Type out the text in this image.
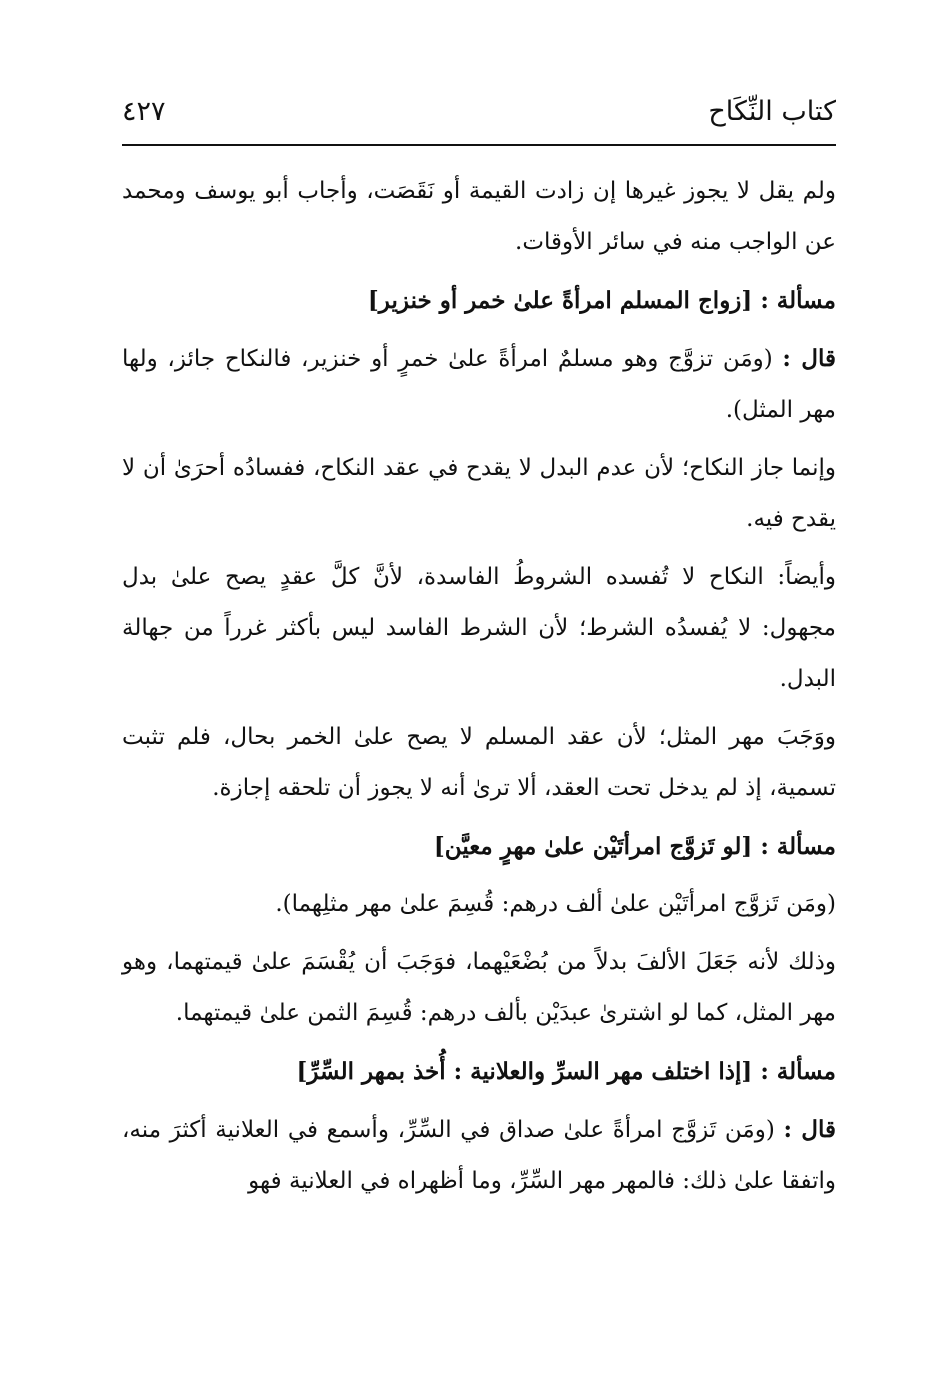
كتاب النِّكَاح
٤٢٧

ولم يقل لا يجوز غيرها إن زادت القيمة أو نَقَصَت، وأجاب أبو يوسف ومحمد عن الواجب منه في سائر الأوقات.

مسألة : [زواج المسلم امرأةً علىٰ خمر أو خنزير]

قال : (ومَن تزوَّج وهو مسلمٌ امرأةً علىٰ خمرٍ أو خنزير، فالنكاح جائز، ولها مهر المثل).

وإنما جاز النكاح؛ لأن عدم البدل لا يقدح في عقد النكاح، ففسادُه أحرَىٰ أن لا يقدح فيه.

وأيضاً: النكاح لا تُفسده الشروطُ الفاسدة، لأنَّ كلَّ عقدٍ يصح علىٰ بدل مجهول: لا يُفسدُه الشرط؛ لأن الشرط الفاسد ليس بأكثر غرراً من جهالة البدل.

ووَجَبَ مهر المثل؛ لأن عقد المسلم لا يصح علىٰ الخمر بحال، فلم تثبت تسمية، إذ لم يدخل تحت العقد، ألا ترىٰ أنه لا يجوز أن تلحقه إجازة.

مسألة : [لو تَزوَّج امرأتَيْن علىٰ مهرٍ معيَّن]

(ومَن تَزوَّج امرأتَيْن علىٰ ألف درهم: قُسِمَ علىٰ مهر مثلِهما).

وذلك لأنه جَعَلَ الألفَ بدلاً من بُضْعَيْهما، فوَجَبَ أن يُقْسَمَ علىٰ قيمتهما، وهو مهر المثل، كما لو اشترىٰ عبدَيْن بألف درهم: قُسِمَ الثمن علىٰ قيمتهما.

مسألة : [إذا اختلف مهر السرِّ والعلانية : أُخذ بمهر السِّرِّ]

قال : (ومَن تَزوَّج امرأةً علىٰ صداق في السِّرِّ، وأسمع في العلانية أكثرَ منه، واتفقا علىٰ ذلك: فالمهر مهر السِّرِّ، وما أظهراه في العلانية فهو
